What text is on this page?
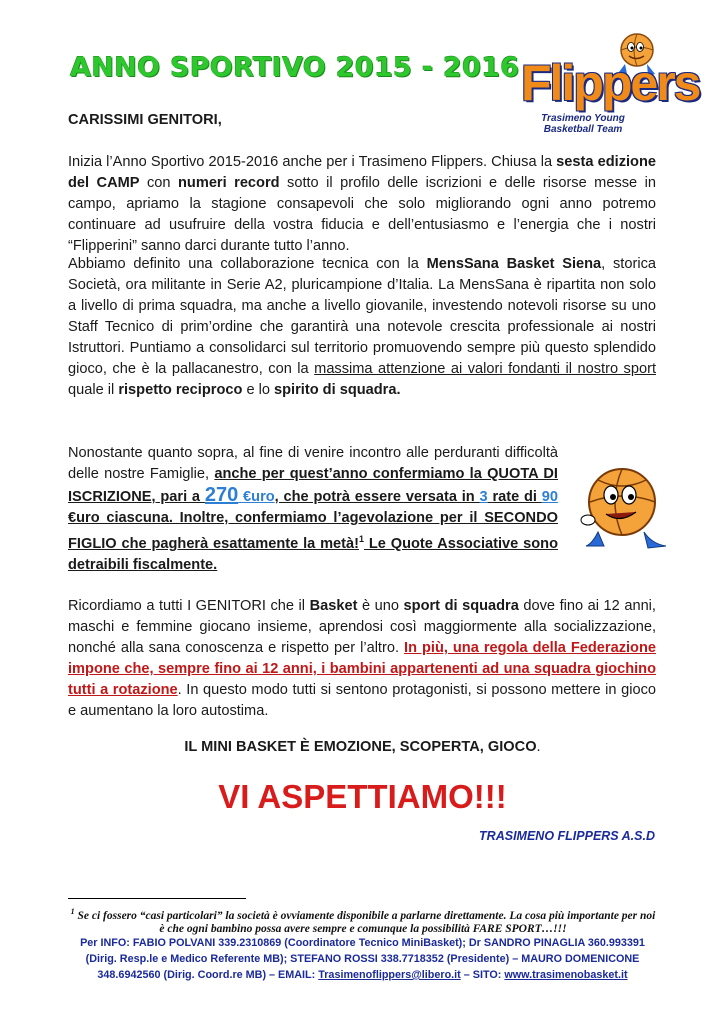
ANNO SPORTIVO 2015 - 2016 Flippers
Trasimeno Young
Basketball Team
CARISSIMI GENITORI,
Inizia l’Anno Sportivo 2015-2016 anche per i Trasimeno Flippers. Chiusa la sesta edizione del CAMP con numeri record sotto il profilo delle iscrizioni e delle risorse messe in campo, apriamo la stagione consapevoli che solo migliorando ogni anno potremo continuare ad usufruire della vostra fiducia e dell’entusiasmo e l’energia che i nostri “Flipperini” sanno darci durante tutto l’anno.
Abbiamo definito una collaborazione tecnica con la MensSana Basket Siena, storica Società, ora militante in Serie A2, pluricampione d’Italia. La MensSana è ripartita non solo a livello di prima squadra, ma anche a livello giovanile, investendo notevoli risorse su uno Staff Tecnico di prim’ordine che garantirà una notevole crescita professionale ai nostri Istruttori. Puntiamo a consolidarci sul territorio promuovendo sempre più questo splendido gioco, che è la pallacanestro, con la massima attenzione ai valori fondanti il nostro sport quale il rispetto reciproco e lo spirito di squadra.
Nonostante quanto sopra, al fine di venire incontro alle perduranti difficoltà delle nostre Famiglie, anche per quest’anno confermiamo la QUOTA DI ISCRIZIONE, pari a 270 €uro, che potrà essere versata in 3 rate di 90 €uro ciascuna. Inoltre, confermiamo l’agevolazione per il SECONDO FIGLIO che pagherà esattamente la metà!$^1$ Le Quote Associative sono detraibili fiscalmente.
Ricordiamo a tutti I GENITORI che il Basket è uno sport di squadra dove fino ai 12 anni, maschi e femmine giocano insieme, aprendosi così maggiormente alla socializzazione, nonché alla sana conoscenza e rispetto per l’altro. In più, una regola della Federazione impone che, sempre fino ai 12 anni, i bambini appartenenti ad una squadra giochino tutti a rotazione. In questo modo tutti si sentono protagonisti, si possono mettere in gioco e aumentano la loro autostima.
IL MINI BASKET È EMOZIONE, SCOPERTA, GIOCO.
VI ASPETTIAMO!!!
TRASIMENO FLIPPERS A.S.D
$^1$ Se ci fossero “casi particolari” la società è ovviamente disponibile a parlarne direttamente. La cosa più importante per noi è che ogni bambino possa avere sempre e comunque la possibilità FARE SPORT…!!!
Per INFO: FABIO POLVANI 339.2310869 (Coordinatore Tecnico MiniBasket); Dr SANDRO PINAGLIA 360.993391
(Dirig. Resp.le e Medico Referente MB); STEFANO ROSSI 338.7718352 (Presidente) – MAURO DOMENICONE
348.6942560 (Dirig. Coord.re MB) – EMAIL: Trasimenoflippers@libero.it – SITO: www.trasimenobasket.it
